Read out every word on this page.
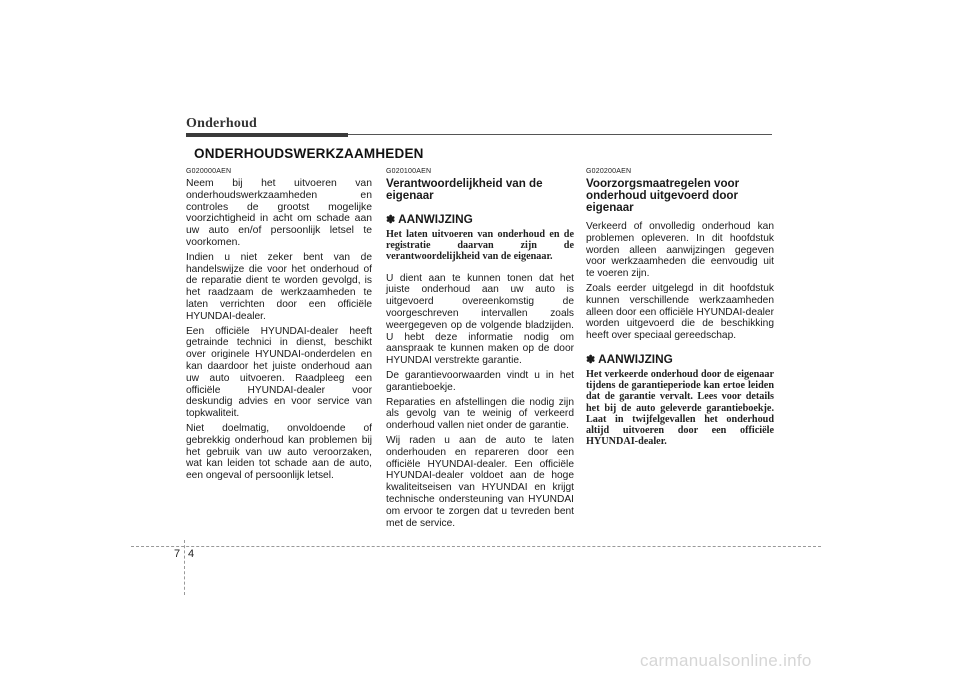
Onderhoud
ONDERHOUDSWERKZAAMHEDEN
G020000AEN

Neem bij het uitvoeren van onderhoudswerkzaamheden en controles de grootst mogelijke voorzichtigheid in acht om schade aan uw auto en/of persoonlijk letsel te voorkomen.

Indien u niet zeker bent van de handelswijze die voor het onderhoud of de reparatie dient te worden gevolgd, is het raadzaam de werkzaamheden te laten verrichten door een officiële HYUNDAI-dealer.

Een officiële HYUNDAI-dealer heeft getrainde technici in dienst, beschikt over originele HYUNDAI-onderdelen en kan daardoor het juiste onderhoud aan uw auto uitvoeren. Raadpleeg een officiële HYUNDAI-dealer voor deskundig advies en voor service van topkwaliteit.

Niet doelmatig, onvoldoende of gebrekkig onderhoud kan problemen bij het gebruik van uw auto veroorzaken, wat kan leiden tot schade aan de auto, een ongeval of persoonlijk letsel.

G020100AEN
Verantwoordelijkheid van de eigenaar
✽ AANWIJZING

Het laten uitvoeren van onderhoud en de registratie daarvan zijn de verantwoordelijkheid van de eigenaar.

U dient aan te kunnen tonen dat het juiste onderhoud aan uw auto is uitgevoerd overeenkomstig de voorgeschreven intervallen zoals weergegeven op de volgende bladzijden. U hebt deze informatie nodig om aanspraak te kunnen maken op de door HYUNDAI verstrekte garantie.

De garantievoorwaarden vindt u in het garantieboekje.

Reparaties en afstellingen die nodig zijn als gevolg van te weinig of verkeerd onderhoud vallen niet onder de garantie.

Wij raden u aan de auto te laten onderhouden en repareren door een officiële HYUNDAI-dealer. Een officiële HYUNDAI-dealer voldoet aan de hoge kwaliteitseisen van HYUNDAI en krijgt technische ondersteuning van HYUNDAI om ervoor te zorgen dat u tevreden bent met de service.

G020200AEN
Voorzorgsmaatregelen voor onderhoud uitgevoerd door eigenaar

Verkeerd of onvolledig onderhoud kan problemen opleveren. In dit hoofdstuk worden alleen aanwijzingen gegeven voor werkzaamheden die eenvoudig uit te voeren zijn.

Zoals eerder uitgelegd in dit hoofdstuk kunnen verschillende werkzaamheden alleen door een officiële HYUNDAI-dealer worden uitgevoerd die de beschikking heeft over speciaal gereedschap.

✽ AANWIJZING

Het verkeerde onderhoud door de eigenaar tijdens de garantieperiode kan ertoe leiden dat de garantie vervalt. Lees voor details het bij de auto geleverde garantieboekje. Laat in twijfelgevallen het onderhoud altijd uitvoeren door een officiële HYUNDAI-dealer.

7 4
carmanualsonline.info
